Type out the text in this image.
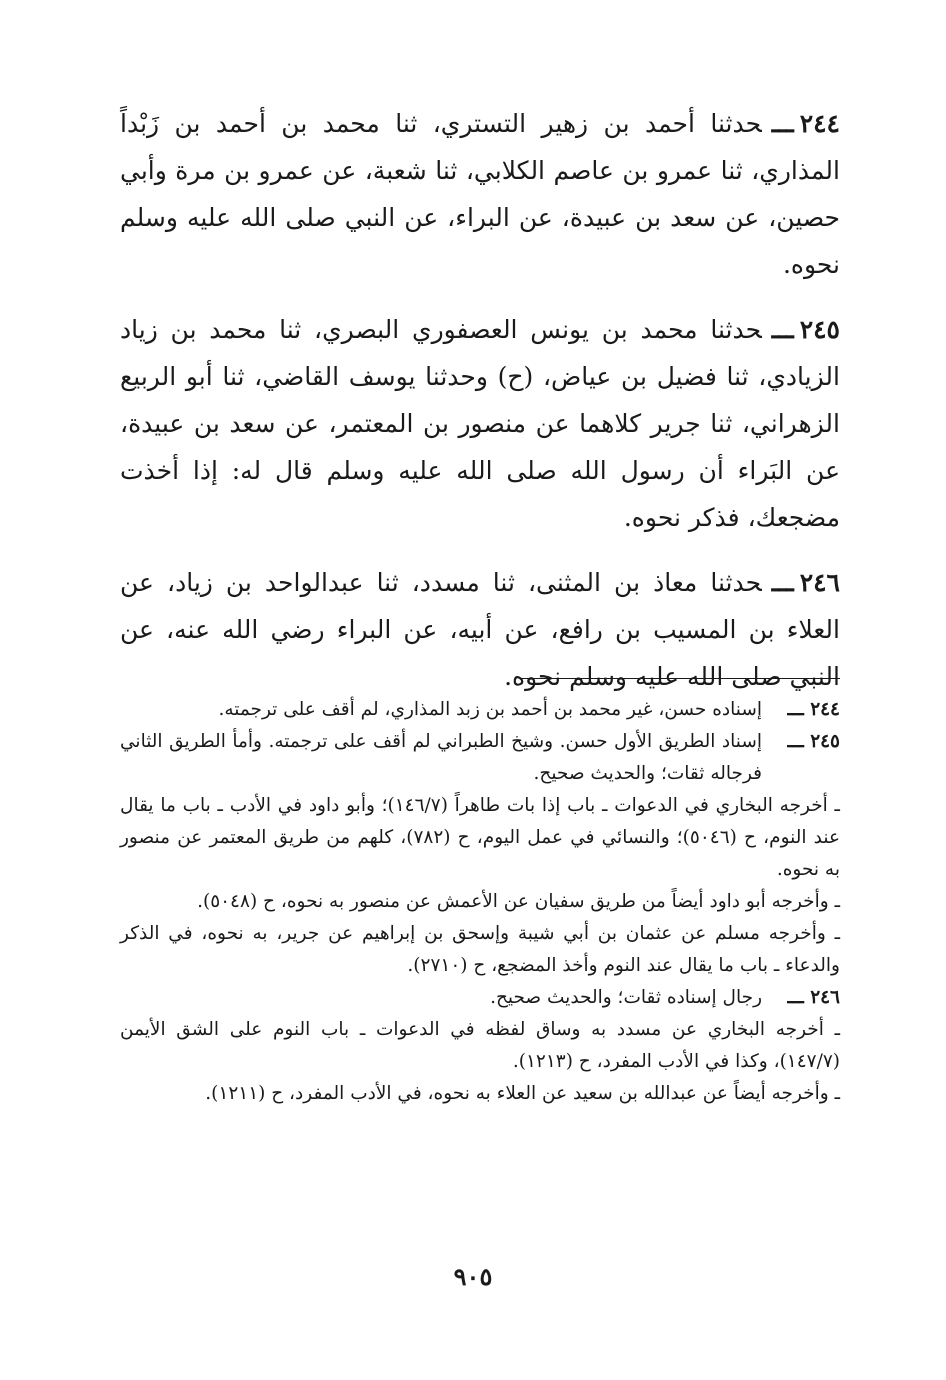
٢٤٤ـــحدثنا أحمد بن زهير التستري، ثنا محمد بن أحمد بن زَبْداً المذاري، ثنا عمرو بن عاصم الكلابي، ثنا شعبة، عن عمرو بن مرة وأبي حصين، عن سعد بن عبيدة، عن البراء، عن النبي صلى الله عليه وسلم نحوه.

٢٤٥ـــحدثنا محمد بن يونس العصفوري البصري، ثنا محمد بن زياد الزيادي، ثنا فضيل بن عياض، (ح) وحدثنا يوسف القاضي، ثنا أبو الربيع الزهراني، ثنا جرير كلاهما عن منصور بن المعتمر، عن سعد بن عبيدة، عن البَراء أن رسول الله صلى الله عليه وسلم قال له: إذا أخذت مضجعك، فذكر نحوه.

٢٤٦ـــحدثنا معاذ بن المثنى، ثنا مسدد، ثنا عبدالواحد بن زياد، عن العلاء بن المسيب بن رافع، عن أبيه، عن البراء رضي الله عنه، عن النبي صلى الله عليه وسلم نحوه.

٢٤٤ ـــ
إسناده حسن، غير محمد بن أحمد بن زبد المذاري، لم أقف على ترجمته.
٢٤٥ ـــ
إسناد الطريق الأول حسن. وشيخ الطبراني لم أقف على ترجمته. وأمأ الطريق الثاني فرجاله ثقات؛ والحديث صحيح.
ـ أخرجه البخاري في الدعوات ـ باب إذا بات طاهراً (١٤٦/٧)؛ وأبو داود في الأدب ـ باب ما يقال عند النوم، ح (٥٠٤٦)؛ والنسائي في عمل اليوم، ح (٧٨٢)، كلهم من طريق المعتمر عن منصور به نحوه.
ـ وأخرجه أبو داود أيضاً من طريق سفيان عن الأعمش عن منصور به نحوه، ح (٥٠٤٨).
ـ وأخرجه مسلم عن عثمان بن أبي شيبة وإسحق بن إبراهيم عن جرير، به نحوه، في الذكر والدعاء ـ باب ما يقال عند النوم وأخذ المضجع، ح (٢٧١٠).
٢٤٦ ـــ
رجال إسناده ثقات؛ والحديث صحيح.
ـ أخرجه البخاري عن مسدد به وساق لفظه في الدعوات ـ باب النوم على الشق الأيمن (١٤٧/٧)، وكذا في الأدب المفرد، ح (١٢١٣).
ـ وأخرجه أيضاً عن عبدالله بن سعيد عن العلاء به نحوه، في الأدب المفرد، ح (١٢١١).
٩٠٥
